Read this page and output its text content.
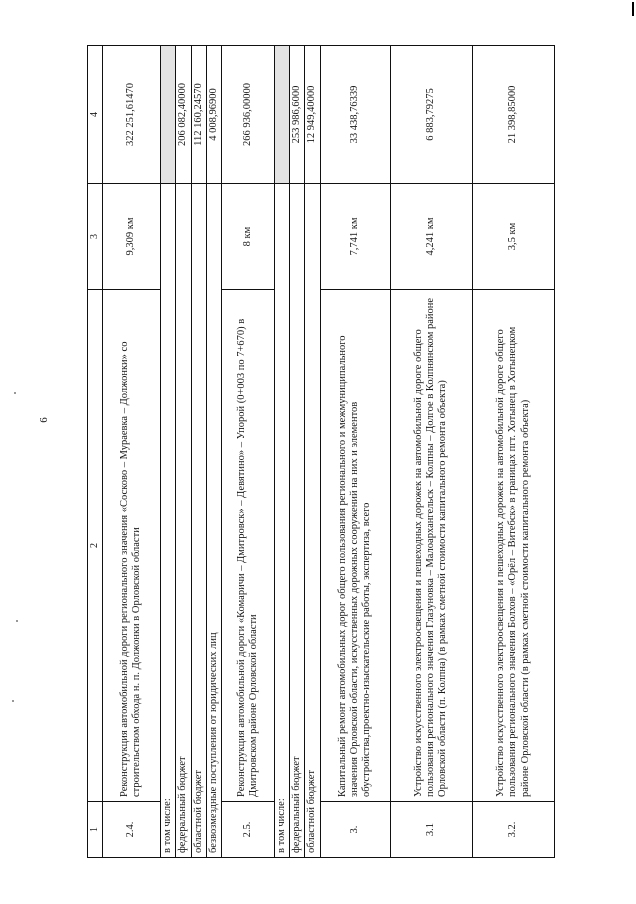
6
1	2	3	4
2.4.	Реконструкция автомобильной дороги регионального значения «Сосково – Мураевка – Должонки» со строительством обхода н. п. Должонки в Орловской области	9,309 км	322 251,61470
в том числе:			
федеральный бюджет			206 082,40000
областной бюджет			112 160,24570
безвозмездные поступления от юридических лиц			4 008,96900
2.5.	Реконструкция автомобильной дороги «Комаричи – Дмитровск» – Девятино» – Упорой (0+003 по 7+670) в Дмитровском районе Орловской области	8 км	266 936,00000
в том числе:			
федеральный бюджет			253 986,6000
областной бюджет			12 949,40000
3.	Капитальный ремонт автомобильных дорог общего пользования регионального и межмуниципального значения Орловской области, искусственных дорожных сооружений на них и элементов обустройства,проектно-изыскательские работы, экспертиза, всего	7,741 км	33 438,76339
3.1	Устройство искусственного электроосвещения и пешеходных дорожек на автомобильной дороге общего пользования регионального значения Глазуновка – Малоархангельск – Колпны – Долгое в Колпнянском районе Орловской области (п. Колпна) (в рамках сметной стоимости капитального ремонта объекта)	4,241 км	6 883,79275
3.2.	Устройство искусственного электроосвещения и пешеходных дорожек на автомобильной дороге общего пользования регионального значения Болхов – «Орёл – Витебск» в границах пгт. Хотынец в Хотынецком районе Орловской области (в рамках сметной стоимости капитального ремонта объекта)	3,5 км	21 398,85000
